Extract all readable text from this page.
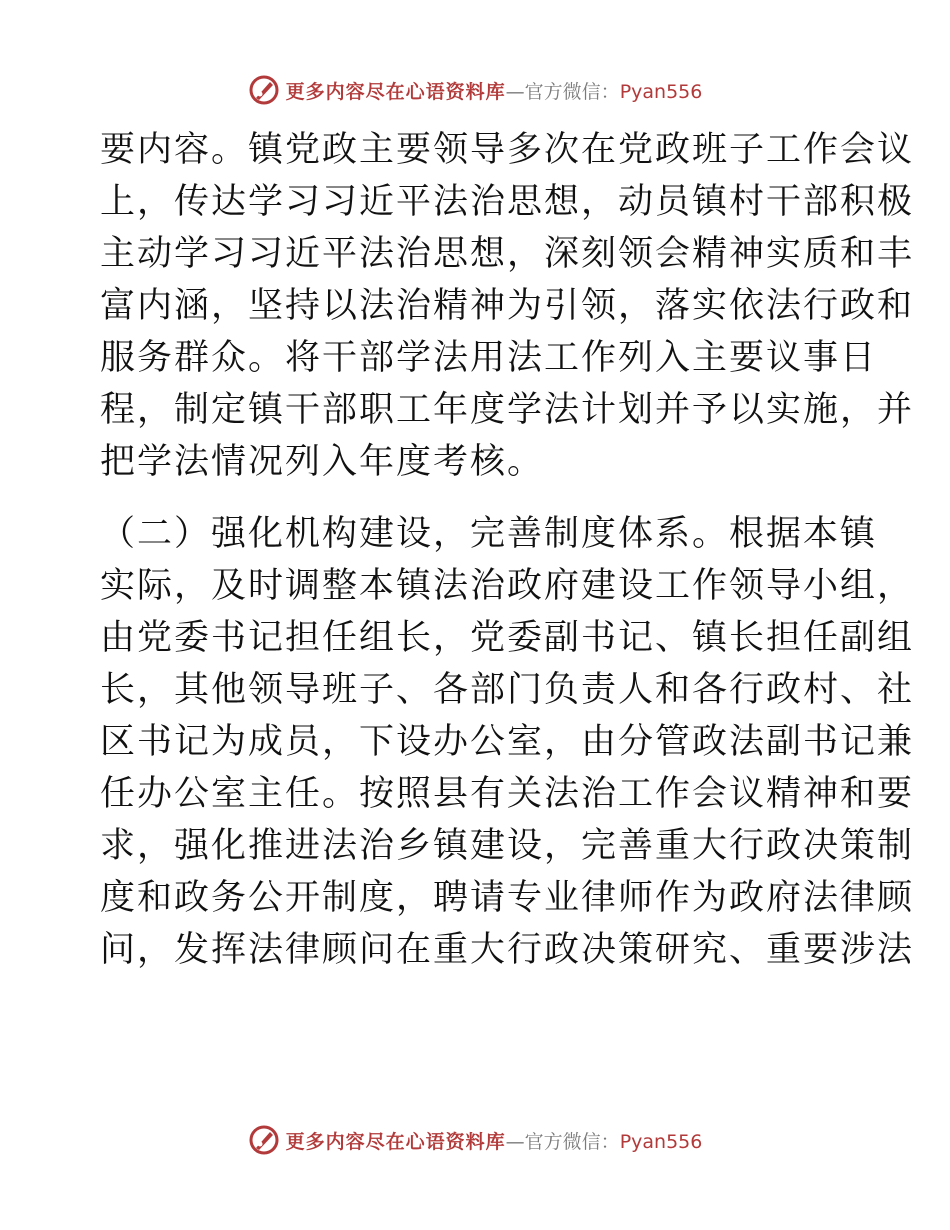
更多内容尽在心语资料库 — 官方微信： Pyan556

要内容。镇党政主要领导多次在党政班子工作会议
上，传达学习习近平法治思想，动员镇村干部积极
主动学习习近平法治思想，深刻领会精神实质和丰
富内涵，坚持以法治精神为引领，落实依法行政和
服务群众。将干部学法用法工作列入主要议事日
程，制定镇干部职工年度学法计划并予以实施，并
把学法情况列入年度考核。

（二）强化机构建设，完善制度体系。根据本镇
实际，及时调整本镇法治政府建设工作领导小组，
由党委书记担任组长，党委副书记、镇长担任副组
长，其他领导班子、各部门负责人和各行政村、社
区书记为成员，下设办公室，由分管政法副书记兼
任办公室主任。按照县有关法治工作会议精神和要
求，强化推进法治乡镇建设，完善重大行政决策制
度和政务公开制度，聘请专业律师作为政府法律顾
问，发挥法律顾问在重大行政决策研究、重要涉法

更多内容尽在心语资料库 — 官方微信： Pyan556
